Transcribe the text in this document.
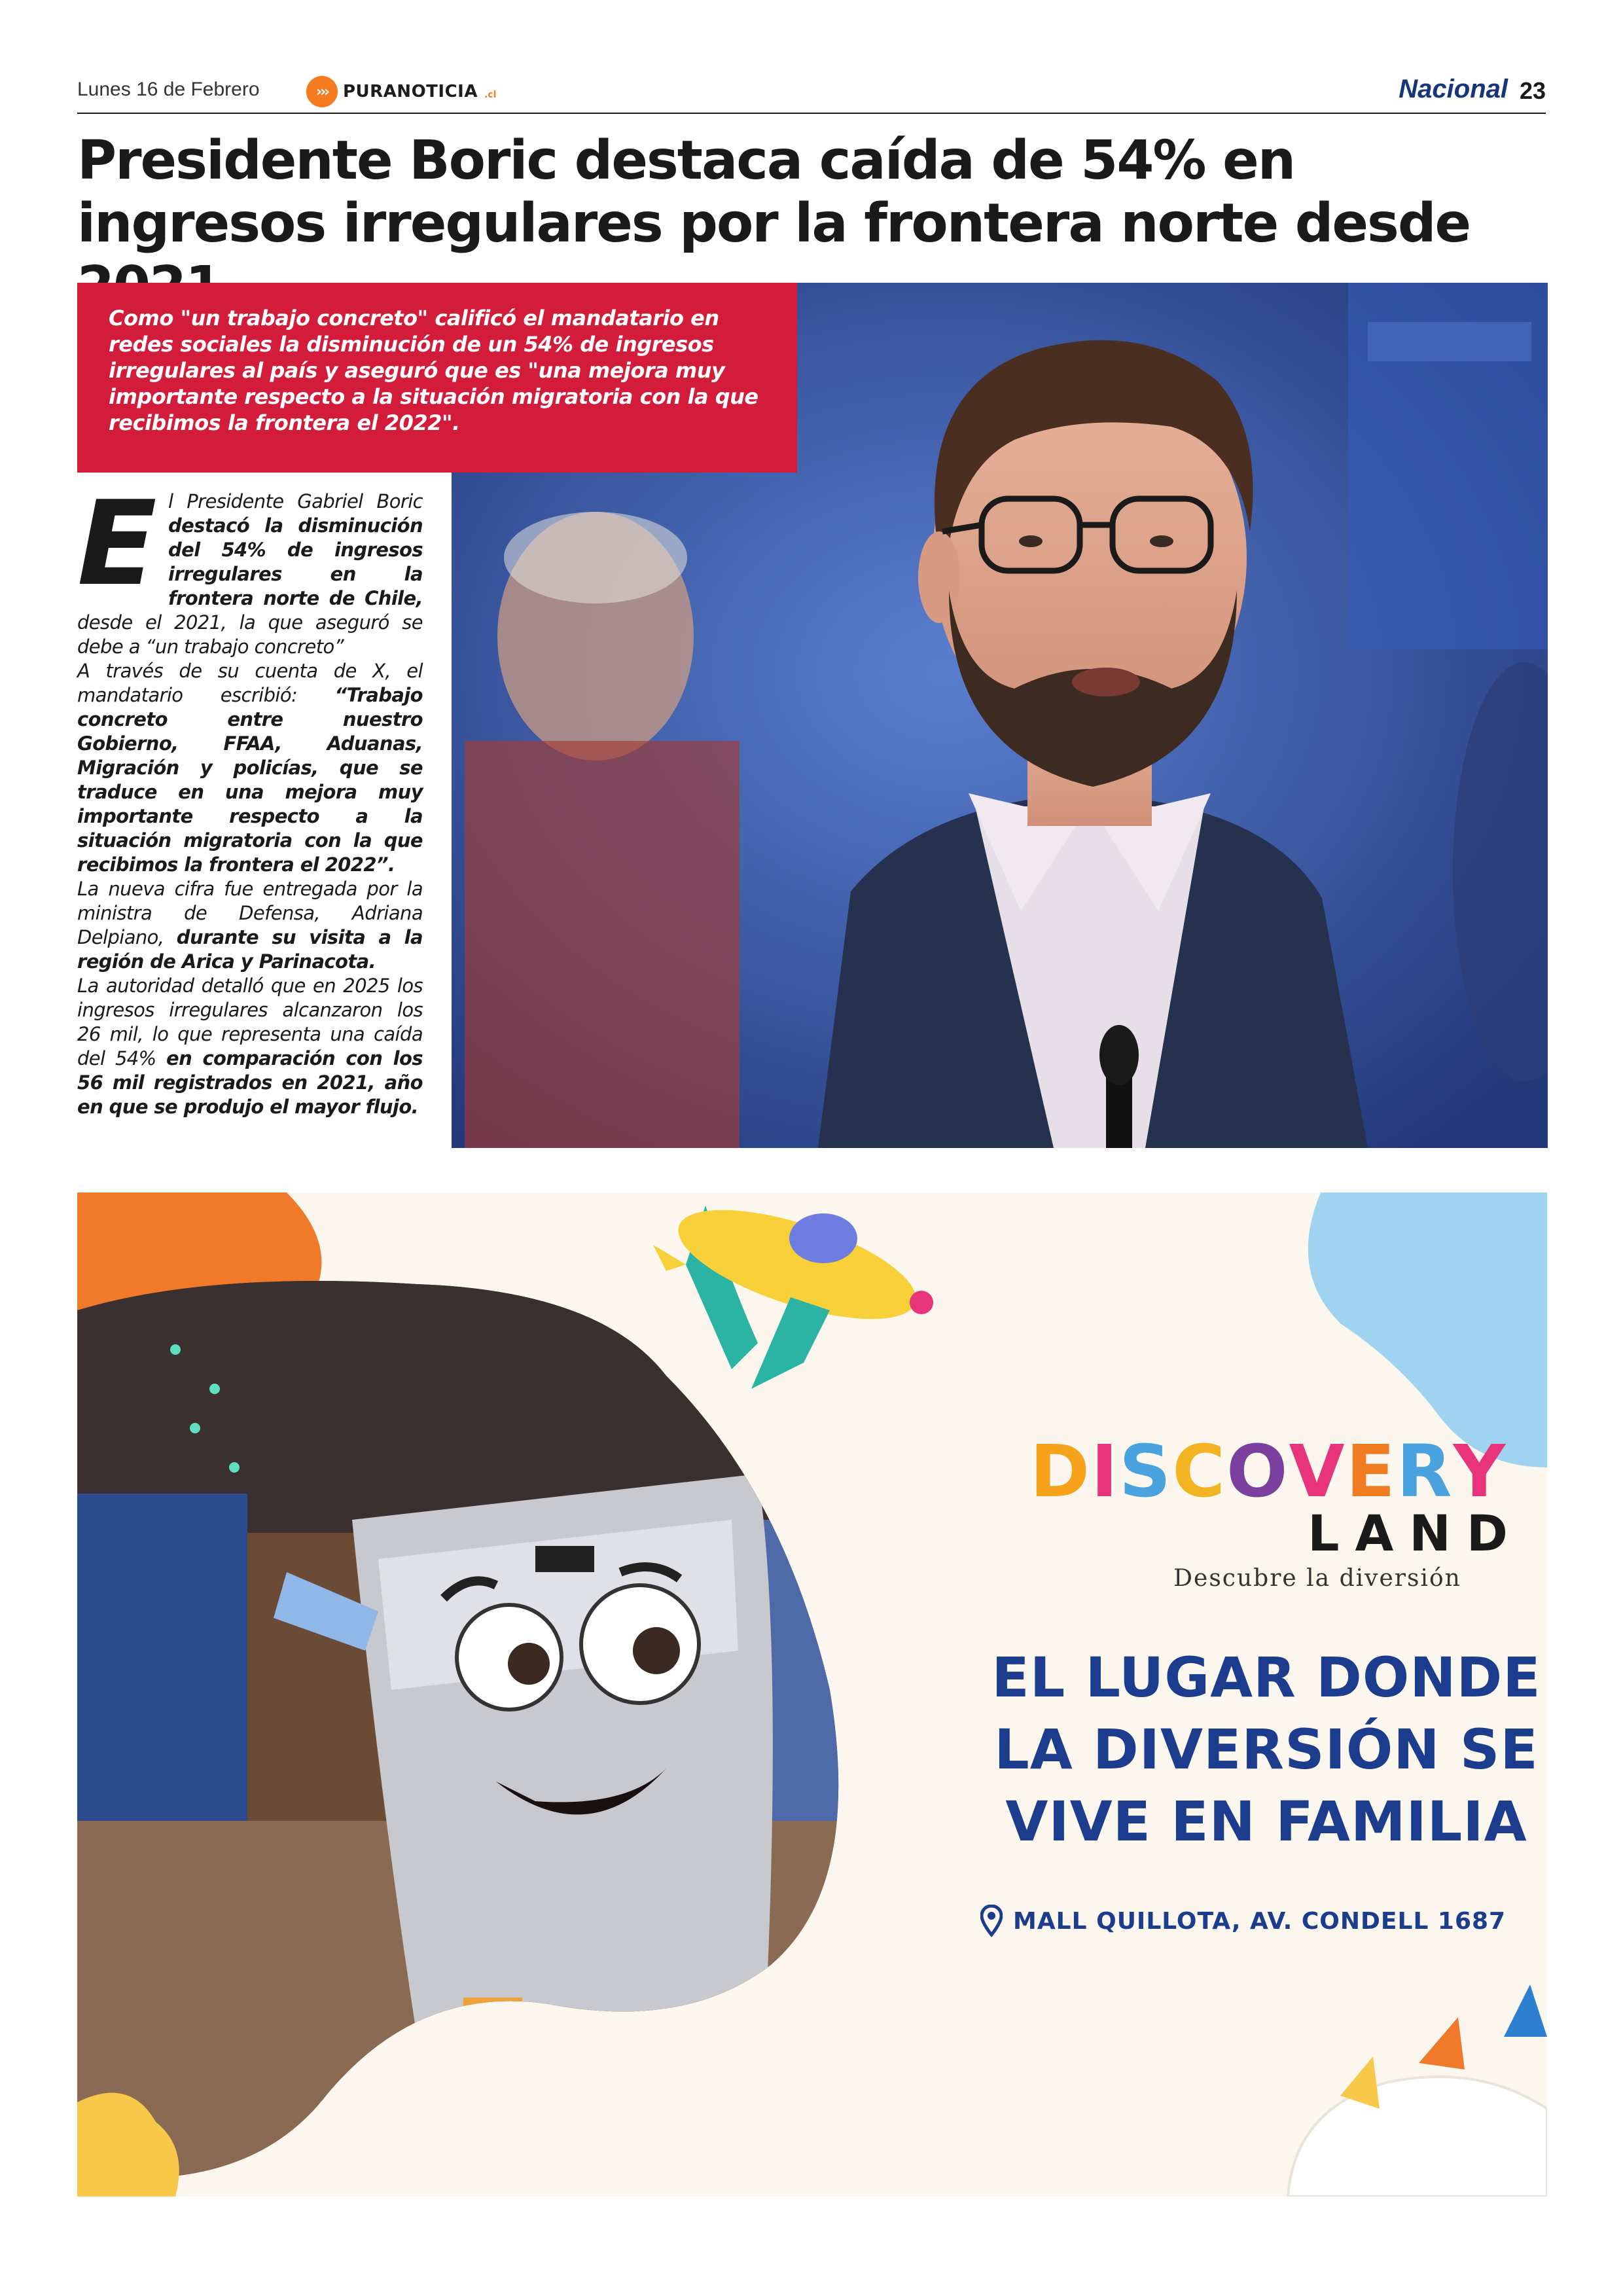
Lunes 16 de Febrero	››› PURANOTICIA .cl	Nacional 23
Presidente Boric destaca caída de 54% en ingresos irregulares por la frontera norte desde
Como "un trabajo concreto" calificó el mandatario en redes sociales la disminución de un 54% de ingresos irregulares al país y aseguró que es "una mejora muy importante respecto a la situación migratoria con la que recibimos la frontera el 2022".
E l Presidente Gabriel Boric destacó la disminución del 54% de ingresos irregulares en la frontera norte de Chile, desde el 2021, la que aseguró se debe a “un trabajo concreto”

A través de su cuenta de X, el mandatario escribió: “Trabajo concreto entre nuestro Gobierno, FFAA, Aduanas, Migración y policías, que se traduce en una mejora muy importante respecto a la situación migratoria con la que recibimos la frontera el 2022”.

La nueva cifra fue entregada por la ministra de Defensa, Adriana Delpiano, durante su visita a la región de Arica y Parinacota.

La autoridad detalló que en 2025 los ingresos irregulares alcanzaron los 26 mil, lo que representa una caída del 54% en comparación con los 56 mil registrados en 2021, año en que se produjo el mayor flujo.

DISCOVERY
LAND
Descubre la diversión
EL LUGAR DONDE
LA DIVERSIÓN SE
VIVE EN FAMILIA
MALL QUILLOTA, AV. CONDELL 1687
